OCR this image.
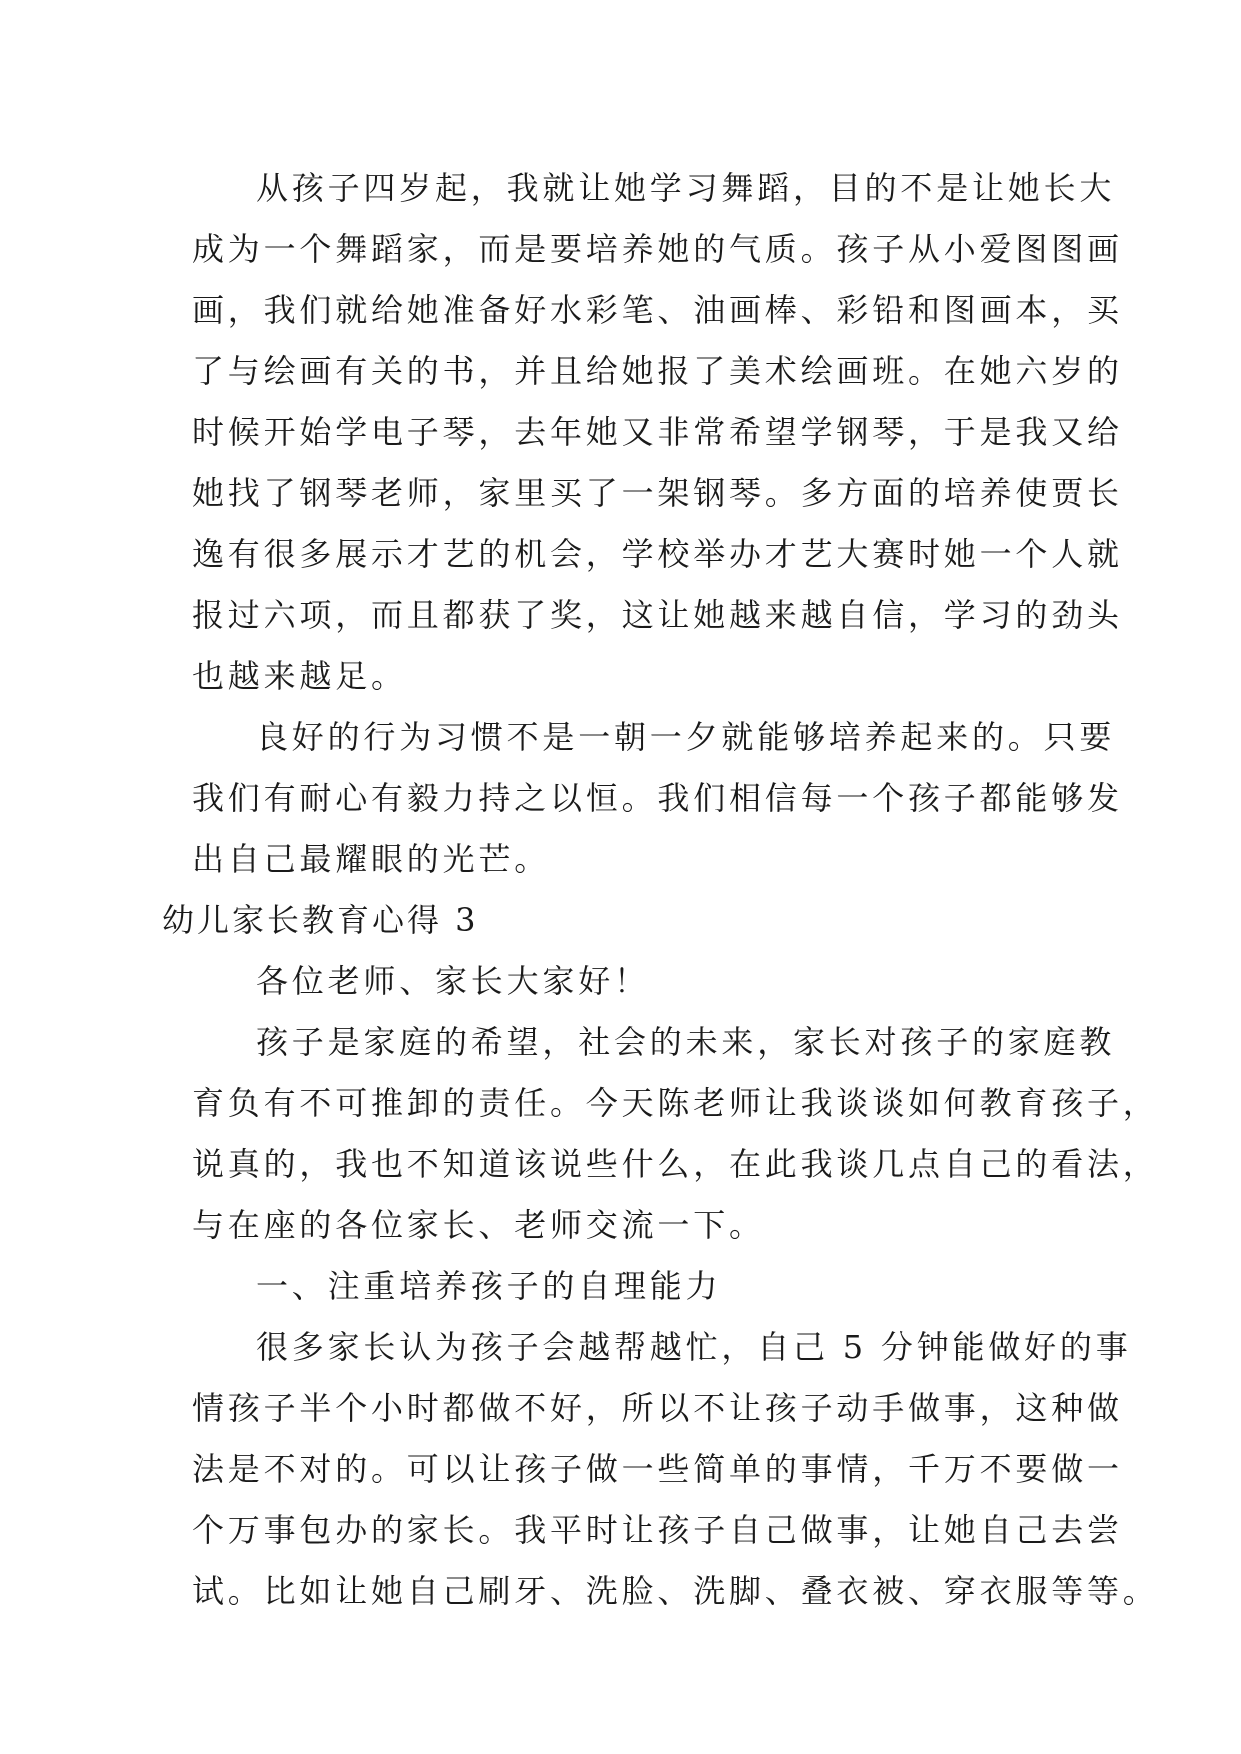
从孩子四岁起，我就让她学习舞蹈，目的不是让她长大
成为一个舞蹈家，而是要培养她的气质。孩子从小爱图图画
画，我们就给她准备好水彩笔、油画棒、彩铅和图画本，买
了与绘画有关的书，并且给她报了美术绘画班。在她六岁的
时候开始学电子琴，去年她又非常希望学钢琴，于是我又给
她找了钢琴老师，家里买了一架钢琴。多方面的培养使贾长
逸有很多展示才艺的机会，学校举办才艺大赛时她一个人就
报过六项，而且都获了奖，这让她越来越自信，学习的劲头
也越来越足。
良好的行为习惯不是一朝一夕就能够培养起来的。只要
我们有耐心有毅力持之以恒。我们相信每一个孩子都能够发
出自己最耀眼的光芒。
幼儿家长教育心得 3
各位老师、家长大家好！
孩子是家庭的希望，社会的未来，家长对孩子的家庭教
育负有不可推卸的责任。今天陈老师让我谈谈如何教育孩子，
说真的，我也不知道该说些什么，在此我谈几点自己的看法，
与在座的各位家长、老师交流一下。
一、注重培养孩子的自理能力
很多家长认为孩子会越帮越忙，自己 5 分钟能做好的事
情孩子半个小时都做不好，所以不让孩子动手做事，这种做
法是不对的。可以让孩子做一些简单的事情，千万不要做一
个万事包办的家长。我平时让孩子自己做事，让她自己去尝
试。比如让她自己刷牙、洗脸、洗脚、叠衣被、穿衣服等等。
